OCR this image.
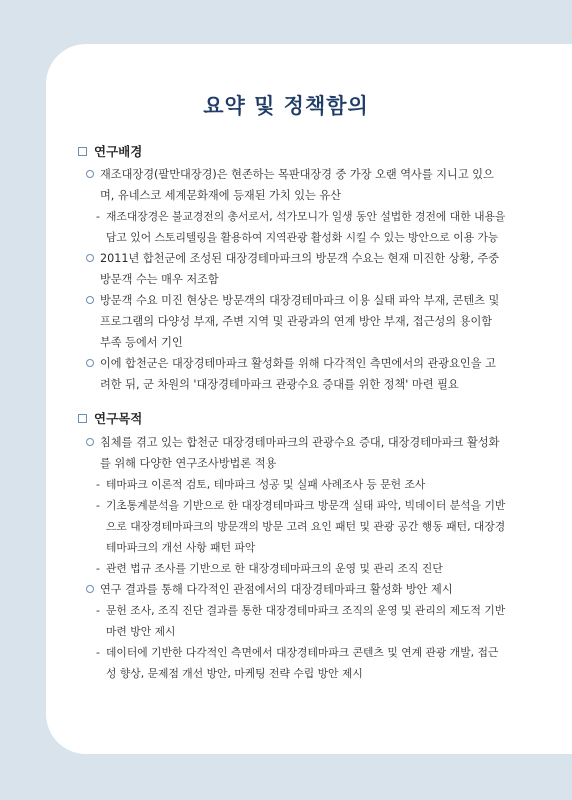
요약 및 정책함의
연구배경
재조대장경(팔만대장경)은 현존하는 목판대장경 중 가장 오랜 역사를 지니고 있으며, 유네스코 세계문화재에 등재된 가치 있는 유산
- 재조대장경은 불교경전의 총서로서, 석가모니가 일생 동안 설법한 경전에 대한 내용을 담고 있어 스토리텔링을 활용하여 지역관광 활성화 시킬 수 있는 방안으로 이용 가능
2011년 합천군에 조성된 대장경테마파크의 방문객 수요는 현재 미진한 상황, 주중 방문객 수는 매우 저조함
방문객 수요 미진 현상은 방문객의 대장경테마파크 이용 실태 파악 부재, 콘텐츠 및 프로그램의 다양성 부재, 주변 지역 및 관광과의 연계 방안 부재, 접근성의 용이함 부족 등에서 기인
이에 합천군은 대장경테마파크 활성화를 위해 다각적인 측면에서의 관광요인을 고려한 뒤, 군 차원의 '대장경테마파크 관광수요 증대를 위한 정책' 마련 필요
연구목적
침체를 겪고 있는 합천군 대장경테마파크의 관광수요 증대, 대장경테마파크 활성화를 위해 다양한 연구조사방법론 적용
- 테마파크 이론적 검토, 테마파크 성공 및 실패 사례조사 등 문헌 조사
- 기초통계분석을 기반으로 한 대장경테마파크 방문객 실태 파악, 빅데이터 분석을 기반으로 대장경테마파크의 방문객의 방문 고려 요인 패턴 및 관광 공간 행동 패턴, 대장경테마파크의 개선 사항 패턴 파악
- 관련 법규 조사를 기반으로 한 대장경테마파크의 운영 및 관리 조직 진단
연구 결과를 통해 다각적인 관점에서의 대장경테마파크 활성화 방안 제시
- 문헌 조사, 조직 진단 결과를 통한 대장경테마파크 조직의 운영 및 관리의 제도적 기반 마련 방안 제시
- 데이터에 기반한 다각적인 측면에서 대장경테마파크 콘텐츠 및 연계 관광 개발, 접근성 향상, 문제점 개선 방안, 마케팅 전략 수립 방안 제시
